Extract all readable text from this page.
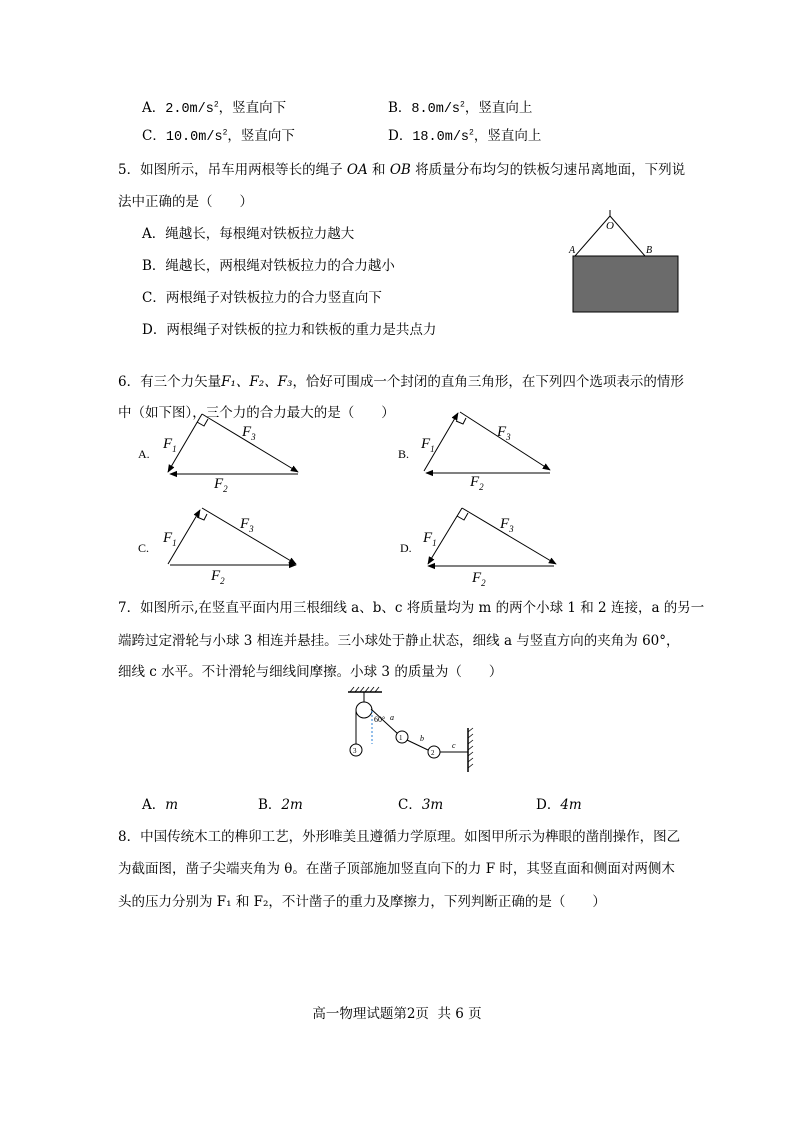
A．$2.0m/s^2$，竖直向下	B．$8.0m/s^2$，竖直向上
C．$10.0m/s^2$，竖直向下	D．$18.0m/s^2$，竖直向上
5．如图所示，吊车用两根等长的绳子 OA 和 OB 将质量分布均匀的铁板匀速吊离地面，下列说
法中正确的是（　　）
A．绳越长，每根绳对铁板拉力越大
B．绳越长，两根绳对铁板拉力的合力越小
C．两根绳子对铁板拉力的合力竖直向下
D．两根绳子对铁板的拉力和铁板的重力是共点力
O
A	B
6．有三个力矢量F₁、F₂、F₃，恰好可围成一个封闭的直角三角形，在下列四个选项表示的情形
中（如下图），三个力的合力最大的是（　　）
A.
$F_1$
$F_3$
$F_2$
B.
$F_1$
$F_3$
$F_2$
C.
$F_1$
$F_3$
$F_2$
D.
$F_1$
$F_3$
$F_2$
7．如图所示,在竖直平面内用三根细线 a、b、c 将质量均为 m 的两个小球 1 和 2 连接，a 的另一
端跨过定滑轮与小球 3 相连并悬挂。三小球处于静止状态，细线 a 与竖直方向的夹角为 60°，
细线 c 水平。不计滑轮与细线间摩擦。小球 3 的质量为（　　）
3
1
2
60° a
b
c
A．m	B．2m	C．3m	D．4m
8．中国传统木工的榫卯工艺，外形唯美且遵循力学原理。如图甲所示为榫眼的凿削操作，图乙
为截面图，凿子尖端夹角为 θ。在凿子顶部施加竖直向下的力 F 时，其竖直面和侧面对两侧木
头的压力分别为 F₁ 和 F₂，不计凿子的重力及摩擦力，下列判断正确的是（　　）
高一物理试题第2页  共 6 页
